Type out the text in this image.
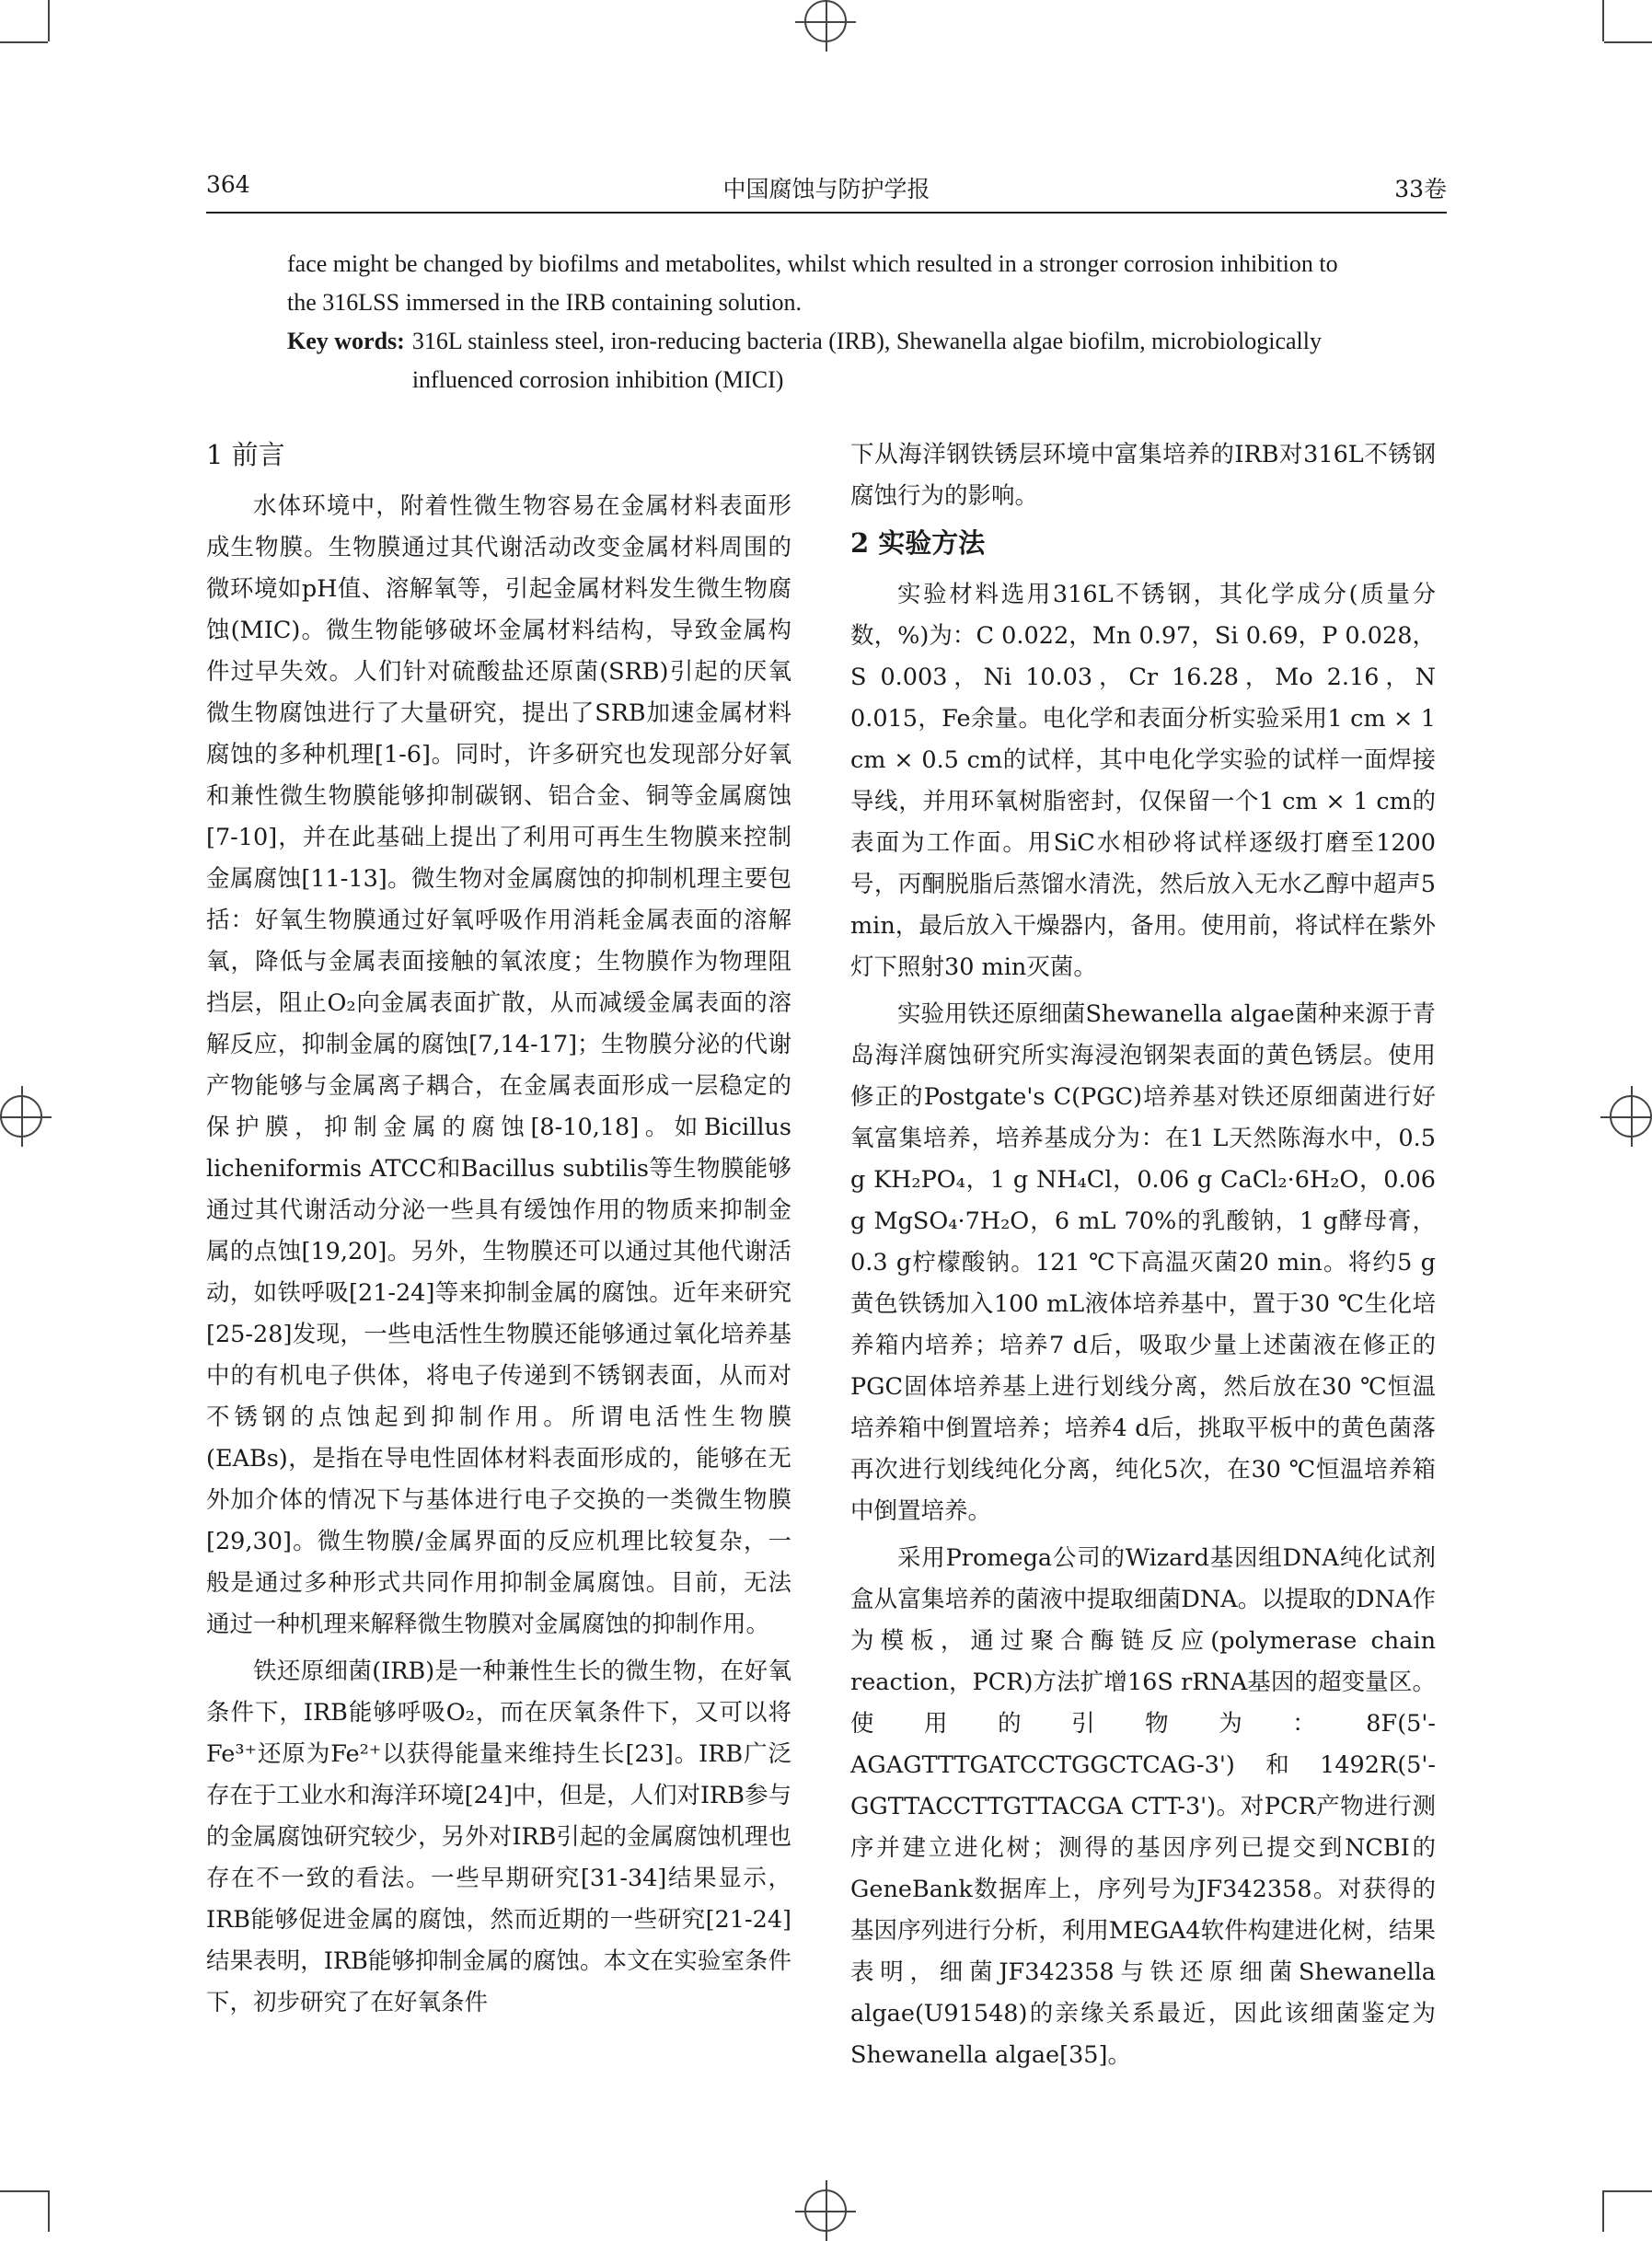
364	中国腐蚀与防护学报	33卷

face might be changed by biofilms and metabolites, whilst which resulted in a stronger corrosion inhibition to the 316LSS immersed in the IRB containing solution.

Key words: 316L stainless steel, iron-reducing bacteria (IRB), Shewanella algae biofilm, microbiologically influenced corrosion inhibition (MICI)
1 前言

水体环境中，附着性微生物容易在金属材料表面形成生物膜。生物膜通过其代谢活动改变金属材料周围的微环境如pH值、溶解氧等，引起金属材料发生微生物腐蚀(MIC)。微生物能够破坏金属材料结构，导致金属构件过早失效。人们针对硫酸盐还原菌(SRB)引起的厌氧微生物腐蚀进行了大量研究，提出了SRB加速金属材料腐蚀的多种机理[1-6]。同时，许多研究也发现部分好氧和兼性微生物膜能够抑制碳钢、铝合金、铜等金属腐蚀[7-10]，并在此基础上提出了利用可再生生物膜来控制金属腐蚀[11-13]。微生物对金属腐蚀的抑制机理主要包括：好氧生物膜通过好氧呼吸作用消耗金属表面的溶解氧，降低与金属表面接触的氧浓度；生物膜作为物理阻挡层，阻止O₂向金属表面扩散，从而减缓金属表面的溶解反应，抑制金属的腐蚀[7,14-17]；生物膜分泌的代谢产物能够与金属离子耦合，在金属表面形成一层稳定的保护膜，抑制金属的腐蚀[8-10,18]。如Bicillus licheniformis ATCC和Bacillus subtilis等生物膜能够通过其代谢活动分泌一些具有缓蚀作用的物质来抑制金属的点蚀[19,20]。另外，生物膜还可以通过其他代谢活动，如铁呼吸[21-24]等来抑制金属的腐蚀。近年来研究[25-28]发现，一些电活性生物膜还能够通过氧化培养基中的有机电子供体，将电子传递到不锈钢表面，从而对不锈钢的点蚀起到抑制作用。所谓电活性生物膜(EABs)，是指在导电性固体材料表面形成的，能够在无外加介体的情况下与基体进行电子交换的一类微生物膜[29,30]。微生物膜/金属界面的反应机理比较复杂，一般是通过多种形式共同作用抑制金属腐蚀。目前，无法通过一种机理来解释微生物膜对金属腐蚀的抑制作用。

铁还原细菌(IRB)是一种兼性生长的微生物，在好氧条件下，IRB能够呼吸O₂，而在厌氧条件下，又可以将Fe³⁺还原为Fe²⁺以获得能量来维持生长[23]。IRB广泛存在于工业水和海洋环境[24]中，但是，人们对IRB参与的金属腐蚀研究较少，另外对IRB引起的金属腐蚀机理也存在不一致的看法。一些早期研究[31-34]结果显示，IRB能够促进金属的腐蚀，然而近期的一些研究[21-24]结果表明，IRB能够抑制金属的腐蚀。本文在实验室条件下，初步研究了在好氧条件

下从海洋钢铁锈层环境中富集培养的IRB对316L不锈钢腐蚀行为的影响。

2 实验方法

实验材料选用316L不锈钢，其化学成分(质量分数，%)为：C 0.022，Mn 0.97，Si 0.69，P 0.028，S 0.003，Ni 10.03，Cr 16.28，Mo 2.16，N 0.015，Fe余量。电化学和表面分析实验采用1 cm × 1 cm × 0.5 cm的试样，其中电化学实验的试样一面焊接导线，并用环氧树脂密封，仅保留一个1 cm × 1 cm的表面为工作面。用SiC水相砂将试样逐级打磨至1200号，丙酮脱脂后蒸馏水清洗，然后放入无水乙醇中超声5 min，最后放入干燥器内，备用。使用前，将试样在紫外灯下照射30 min灭菌。

实验用铁还原细菌Shewanella algae菌种来源于青岛海洋腐蚀研究所实海浸泡钢架表面的黄色锈层。使用修正的Postgate's C(PGC)培养基对铁还原细菌进行好氧富集培养，培养基成分为：在1 L天然陈海水中，0.5 g KH₂PO₄，1 g NH₄Cl，0.06 g CaCl₂·6H₂O，0.06 g MgSO₄·7H₂O，6 mL 70%的乳酸钠，1 g酵母膏，0.3 g柠檬酸钠。121 ℃下高温灭菌20 min。将约5 g黄色铁锈加入100 mL液体培养基中，置于30 ℃生化培养箱内培养；培养7 d后，吸取少量上述菌液在修正的PGC固体培养基上进行划线分离，然后放在30 ℃恒温培养箱中倒置培养；培养4 d后，挑取平板中的黄色菌落再次进行划线纯化分离，纯化5次，在30 ℃恒温培养箱中倒置培养。

采用Promega公司的Wizard基因组DNA纯化试剂盒从富集培养的菌液中提取细菌DNA。以提取的DNA作为模板，通过聚合酶链反应(polymerase chain reaction，PCR)方法扩增16S rRNA基因的超变量区。使用的引物为：8F(5'-AGAGTTTGATCCTGGCTCAG-3')和1492R(5'- GGTTACCTTGTTACGA CTT-3')。对PCR产物进行测序并建立进化树；测得的基因序列已提交到NCBI的GeneBank数据库上，序列号为JF342358。对获得的基因序列进行分析，利用MEGA4软件构建进化树，结果表明，细菌JF342358与铁还原细菌Shewanella algae(U91548)的亲缘关系最近，因此该细菌鉴定为Shewanella algae[35]。
